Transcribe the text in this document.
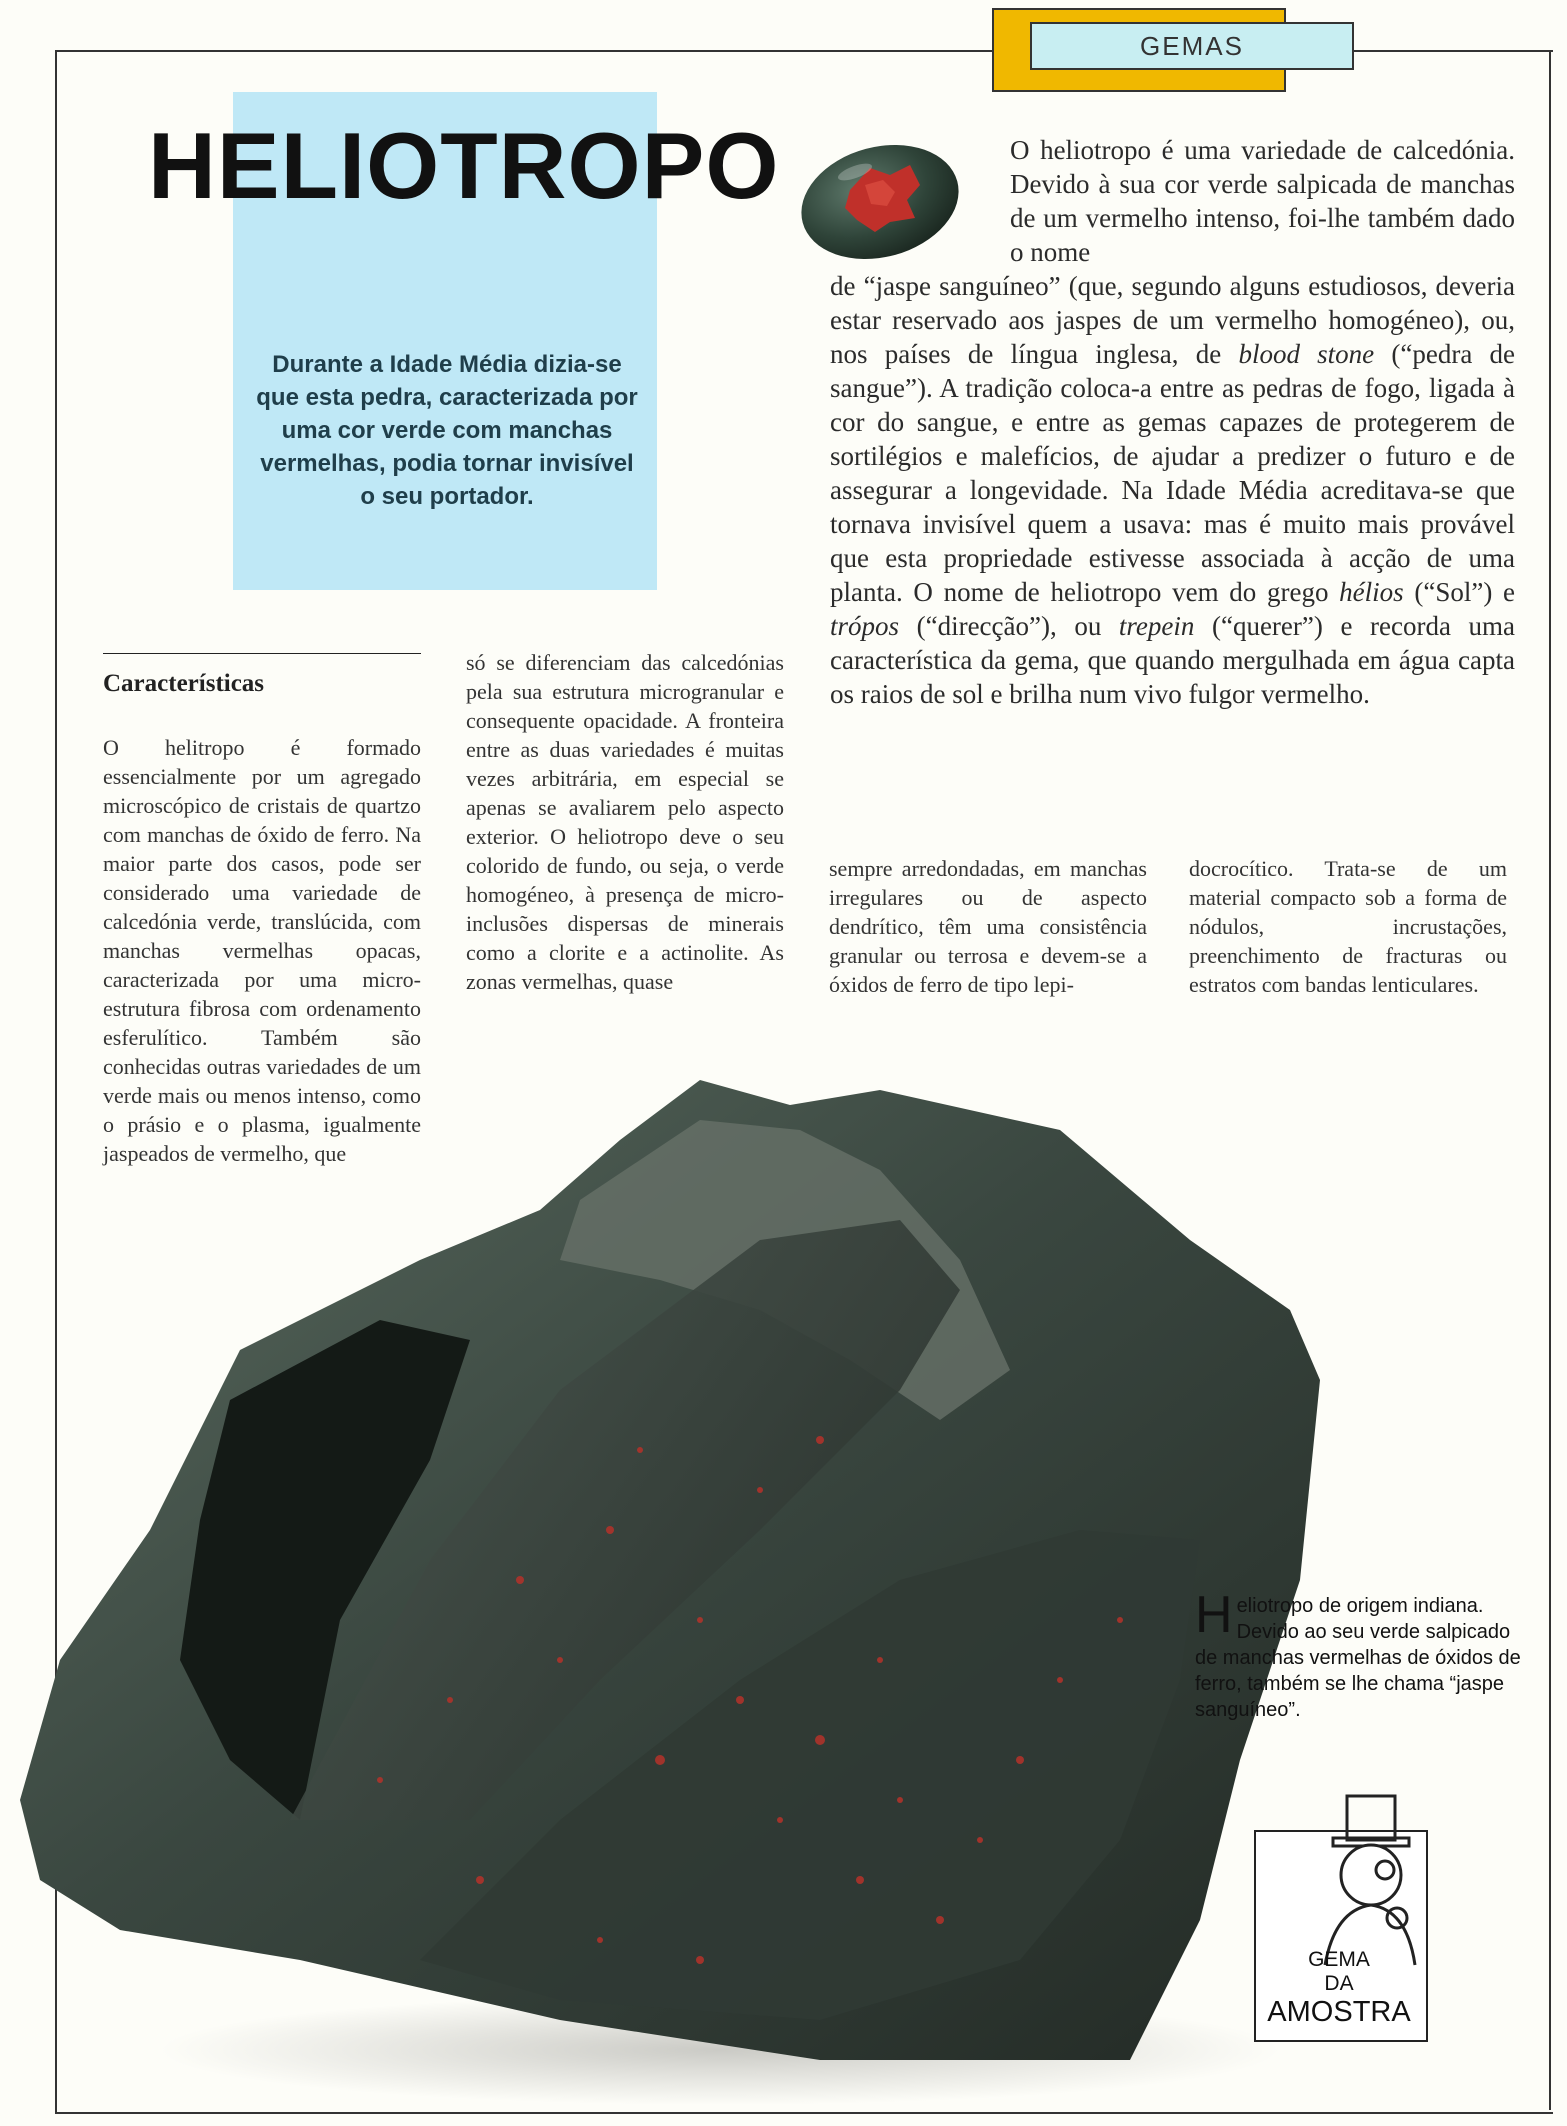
GEMAS
HELIOTROPO
Durante a Idade Média dizia-se que esta pedra, caracterizada por uma cor verde com manchas vermelhas, podia tornar invisível o seu portador.
O heliotropo é uma variedade de calcedónia. Devido à sua cor verde salpicada de manchas de um vermelho intenso, foi-lhe também dado o nome
de “jaspe sanguíneo” (que, segundo alguns estudiosos, deveria estar reservado aos jaspes de um vermelho homogéneo), ou, nos países de língua inglesa, de blood stone (“pedra de sangue”). A tradição coloca-a entre as pedras de fogo, ligada à cor do sangue, e entre as gemas capazes de protegerem de sortilégios e malefícios, de ajudar a predizer o futuro e de assegurar a longevidade. Na Idade Média acreditava-se que tornava invisível quem a usava: mas é muito mais provável que esta propriedade estivesse associada à acção de uma planta. O nome de heliotropo vem do grego hélios (“Sol”) e trópos (“direcção”), ou trepein (“querer”) e recorda uma característica da gema, que quando mergulhada em água capta os raios de sol e brilha num vivo fulgor vermelho.
Características
O helitropo é formado essencialmente por um agregado microscópico de cristais de quartzo com manchas de óxido de ferro. Na maior parte dos casos, pode ser considerado uma variedade de calcedónia verde, translúcida, com manchas vermelhas opacas, caracterizada por uma micro-estrutura fibrosa com ordenamento esferulítico. Também são conhecidas outras variedades de um verde mais ou menos intenso, como o prásio e o plasma, igualmente jaspeados de vermelho, que
só se diferenciam das calcedónias pela sua estrutura microgranular e consequente opacidade. A fronteira entre as duas variedades é muitas vezes arbitrária, em especial se apenas se avaliarem pelo aspecto exterior. O heliotropo deve o seu colorido de fundo, ou seja, o verde homogéneo, à presença de micro-inclusões dispersas de minerais como a clorite e a actinolite. As zonas vermelhas, quase
sempre arredondadas, em manchas irregulares ou de aspecto dendrítico, têm uma consistência granular ou terrosa e devem-se a óxidos de ferro de tipo lepi-
docrocítico. Trata-se de um material compacto sob a forma de nódulos, incrustações, preenchimento de fracturas ou estratos com bandas lenticulares.
Heliotropo de origem indiana. Devido ao seu verde salpicado de manchas vermelhas de óxidos de ferro, também se lhe chama “jaspe sanguíneo”.
GEMA
DA
AMOSTRA
